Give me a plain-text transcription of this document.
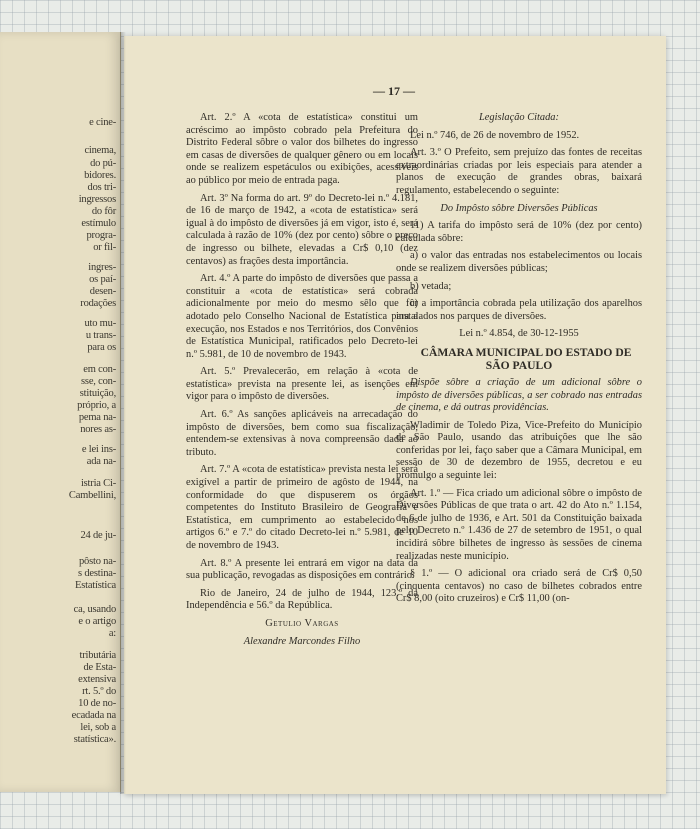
e cine-
cinema,
do pú-
bidores.
dos tri-
ingressos
do fôr
estímulo
progra-
or fil-
ingres-
os paí-
desen-
rodações
uto mu-
u trans-
para os
em con-
sse, con-
stituição,
próprio, a
pema na-
nores as-
e lei ins-
ada na-
istria Ci-
Cambellini,
24 de ju-
pôsto na-
s destina-
Estatística
ca, usando
e o artigo
a:
tributária
de Esta-
extensiva
rt. 5.º do
10 de no-
ecadada na
lei, sob a
statística».
— 17 —

Art. 2.º A «cota de estatística» constitui um acréscimo ao impôsto cobrado pela Prefeitura do Distrito Federal sôbre o valor dos bilhetes do ingresso em casas de diversões de qualquer gênero ou em locais onde se realizem espetáculos ou exibições, acessíveis ao público por meio de entrada paga.

Art. 3º Na forma do art. 9º do Decreto-lei n.º 4.181, de 16 de março de 1942, a «cota de estatística» será igual à do impôsto de diversões já em vigor, isto é, será calculada à razão de 10% (dez por cento) sôbre o preço de ingresso ou bilhete, elevadas a Cr$ 0,10 (dez centavos) as frações desta importância.

Art. 4.º A parte do impôsto de diversões que passa a constituir a «cota de estatística» será cobrada adicionalmente por meio do mesmo sêlo que fôr adotado pelo Conselho Nacional de Estatística para a execução, nos Estados e nos Territórios, dos Convênios de Estatística Municipal, ratificados pelo Decreto-lei n.º 5.981, de 10 de novembro de 1943.

Art. 5.º Prevalecerão, em relação à «cota de estatística» prevista na presente lei, as isenções em vigor para o impôsto de diversões.

Art. 6.º As sanções aplicáveis na arrecadação do impôsto de diversões, bem como sua fiscalização, entendem-se extensivas à nova compreensão dada ao tributo.

Art. 7.º A «cota de estatística» prevista nesta lei será exigível a partir de primeiro de agôsto de 1944, na conformidade do que dispuserem os órgãos competentes do Instituto Brasileiro de Geografia e Estatística, em cumprimento ao estabelecido nos artigos 6.º e 7.º do citado Decreto-lei n.º 5.981, de 10 de novembro de 1943.

Art. 8.º A presente lei entrará em vigor na data da sua publicação, revogadas as disposições em contrário.

Rio de Janeiro, 24 de julho de 1944, 123.º da Independência e 56.º da República.

Getulio Vargas

Alexandre Marcondes Filho

Legislação Citada:

Lei n.º 746, de 26 de novembro de 1952.

Art. 3.º O Prefeito, sem prejuízo das fontes de receitas extraordinárias criadas por leis especiais para atender a planos de execução de grandes obras, baixará regulamento, estabelecendo o seguinte:

Do Impôsto sôbre Diversões Públicas

11) A tarifa do impôsto será de 10% (dez por cento) calculada sôbre:

a) o valor das entradas nos estabelecimentos ou locais onde se realizem diversões públicas;

b) vetada;

c) a importância cobrada pela utilização dos aparelhos instalados nos parques de diversões.

Lei n.º 4.854, de 30-12-1955

CÂMARA MUNICIPAL DO ESTADO DE SÃO PAULO

Dispõe sôbre a criação de um adicional sôbre o impôsto de diversões públicas, a ser cobrado nas entradas de cinema, e dá outras providências.

Wladimir de Toledo Piza, Vice-Prefeito do Município de São Paulo, usando das atribuições que lhe são conferidas por lei, faço saber que a Câmara Municipal, em sessão de 30 de dezembro de 1955, decretou e eu promulgo a seguinte lei:

Art. 1.º — Fica criado um adicional sôbre o impôsto de Diversões Públicas de que trata o art. 42 do Ato n.º 1.154, de 6 de julho de 1936, e Art. 501 da Constituição baixada pelo Decreto n.º 1.436 de 27 de setembro de 1951, o qual incidirá sôbre bilhetes de ingresso às sessões de cinema realizadas neste município.

§ 1.º — O adicional ora criado será de Cr$ 0,50 (cinquenta centavos) no caso de bilhetes cobrados entre Cr$ 8,00 (oito cruzeiros) e Cr$ 11,00 (on-
